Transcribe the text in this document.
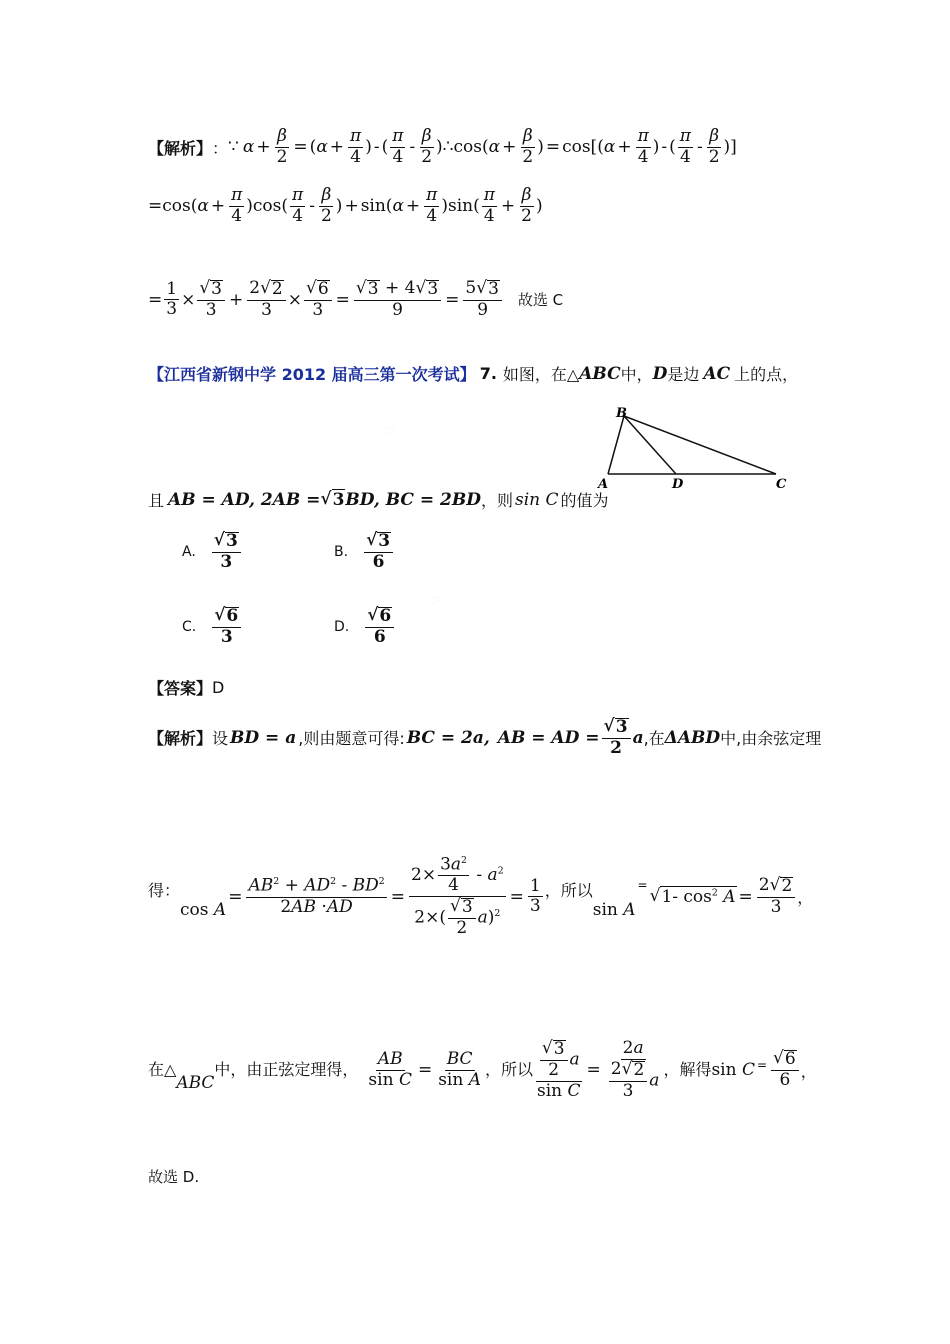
◌
◌
【解析】 ： ∵ $\alpha + \frac{\beta}{2}$ = ( $\alpha + \frac{\pi}{4}$ ) - ( $\frac{\pi}{4} - \frac{\beta}{2}$ ) ∴ cos( $\alpha + \frac{\beta}{2}$ ) = cos[( $\alpha + \frac{\pi}{4}$ ) - ( $\frac{\pi}{4} - \frac{\beta}{2}$ )]
=cos( $\alpha + \frac{\pi}{4} )\cos( \frac{\pi}{4} - \frac{\beta}{2}$ ) + sin( $\alpha + \frac{\pi}{4} )\sin( \frac{\pi}{4} + \frac{\beta}{2}$ )
= $\frac{1}{3} \times \frac{√ 3}{3} + \frac{2 √ 2}{3} \times \frac{√ 6}{3} = \frac{√ 3 + 4 √ 3}{9} = \frac{5 √ 3}{9}$ 故选 C
【江西省新钢中学 2012 届高三第一次考试】 7. 如图，在△ ABC 中， D 是边 AC 上的点，
B
A	D	C
且 AB = AD, 2AB = √ 3 BD, BC = 2BD ，则 sin C 的值为
A. $\frac{√ 3}{3}$	B. $\frac{√ 3}{6}$
C. $\frac{√ 6}{3}$	D. $\frac{√ 6}{6}$
【答案】 D
【解析】 设 BD = a ,则由题意可得: BC = 2a, AB = AD = $\frac{√ 3}{2}$ a ,在 ΔABD 中,由余弦定理
得：
cos A
= $\frac{AB^2 + AD^2 - BD^2}{2AB \cdot AD} = \frac{2\times \frac{3a^2}{4} - a^2}{2\times( \frac{√ 3}{2} a)^2} = \frac{1}{3}$ ，所以
sin A
=
√ 1- $\cos^2 A = \frac{2 √ 2}{3}$ ，
在△
ABC
中，由正弦定理得， $\frac{AB}{\text{sin C}} = \frac{BC}{\text{sin A}}$ ，所以 $\frac{\frac{√ 3}{2} a}{\text{sin C}} = \frac{2a}{\frac{2 √ 2}{3} a}$ ，解得 $\sin C = \frac{√ 6}{6}$ ，
故选 D.
